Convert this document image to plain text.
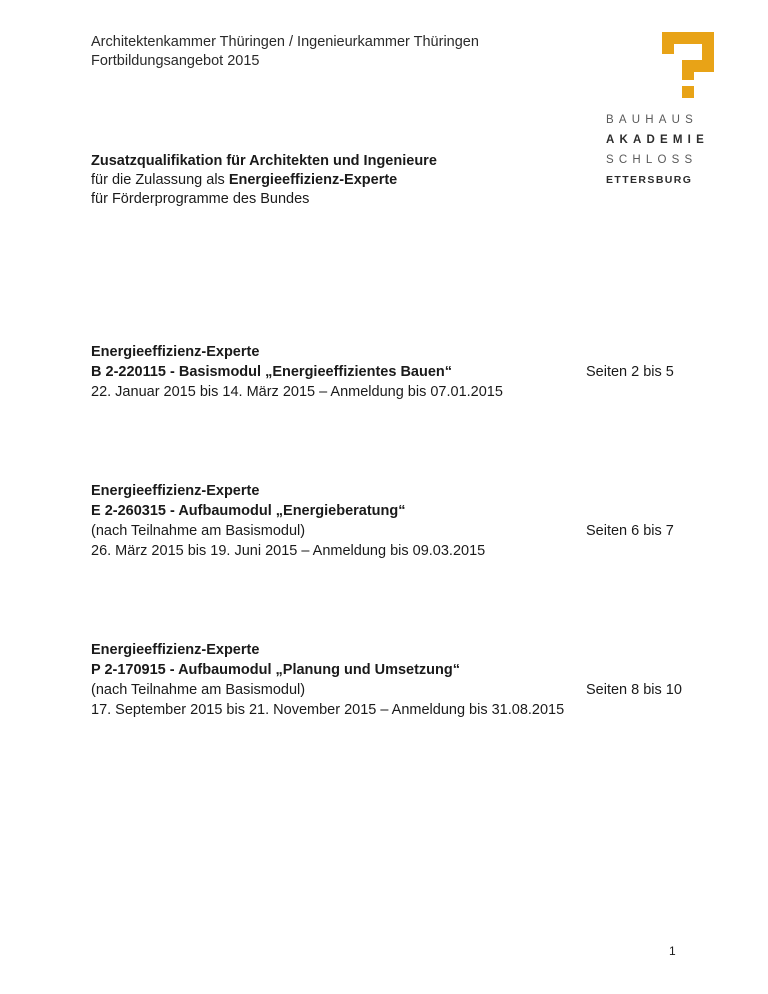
Architektenkammer Thüringen / Ingenieurkammer Thüringen
Fortbildungsangebot 2015
BAUHAUS
AKADEMIE
SCHLOSS
ETTERSBURG
Zusatzqualifikation für Architekten und Ingenieure
für die Zulassung als Energieeffizienz-Experte
für Förderprogramme des Bundes
Energieeffizienz-Experte
B 2-220115 - Basismodul „Energieeffizientes Bauen“	Seiten 2 bis 5
22. Januar 2015 bis 14. März 2015 – Anmeldung bis 07.01.2015
Energieeffizienz-Experte
E 2-260315 - Aufbaumodul „Energieberatung“
(nach Teilnahme am Basismodul)	Seiten 6 bis 7
26. März 2015 bis 19. Juni 2015 – Anmeldung bis 09.03.2015
Energieeffizienz-Experte
P 2-170915 - Aufbaumodul „Planung und Umsetzung“
(nach Teilnahme am Basismodul)	Seiten 8 bis 10
17. September 2015 bis 21. November 2015 – Anmeldung bis 31.08.2015
1
